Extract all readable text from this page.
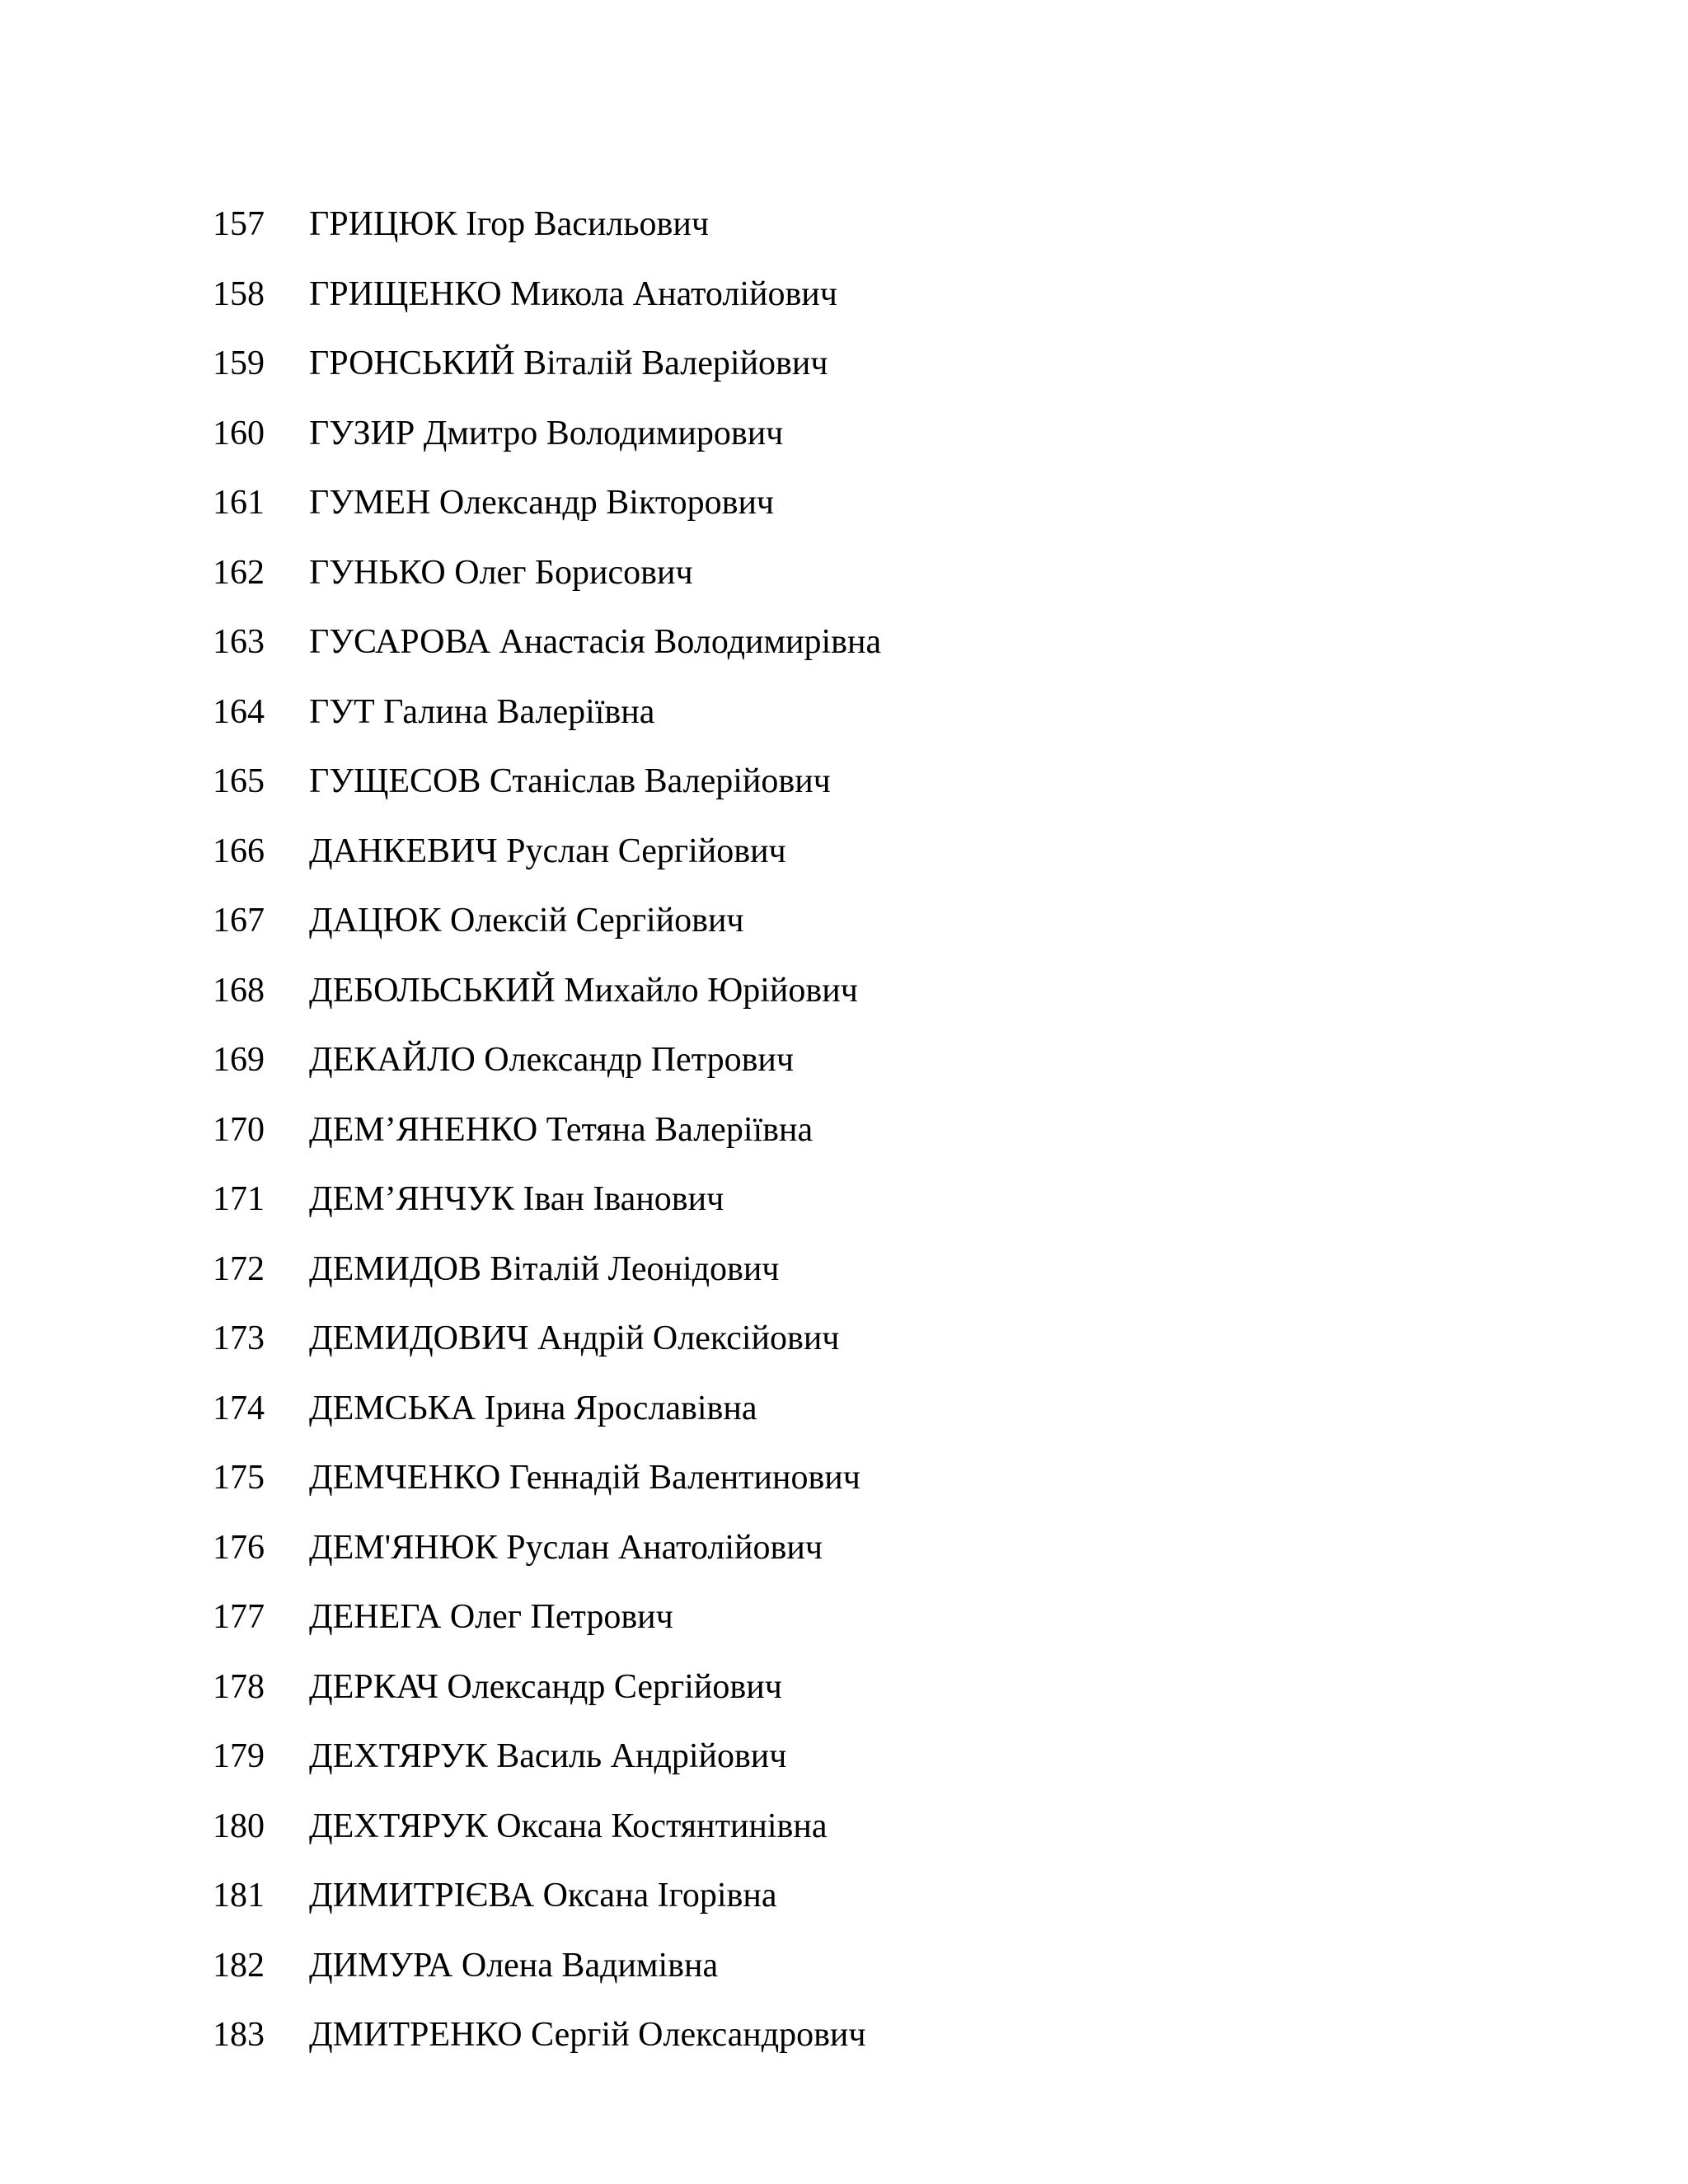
157	ГРИЦЮК Ігор Васильович
158	ГРИЩЕНКО Микола Анатолійович
159	ГРОНСЬКИЙ Віталій Валерійович
160	ГУЗИР Дмитро Володимирович
161	ГУМЕН Олександр Вікторович
162	ГУНЬКО Олег Борисович
163	ГУСАРОВА Анастасія Володимирівна
164	ГУТ Галина Валеріївна
165	ГУЩЕСОВ Станіслав Валерійович
166	ДАНКЕВИЧ Руслан Сергійович
167	ДАЦЮК Олексій Сергійович
168	ДЕБОЛЬСЬКИЙ Михайло Юрійович
169	ДЕКАЙЛО Олександр Петрович
170	ДЕМ’ЯНЕНКО Тетяна Валеріївна
171	ДЕМ’ЯНЧУК Іван Іванович
172	ДЕМИДОВ Віталій Леонідович
173	ДЕМИДОВИЧ Андрій Олексійович
174	ДЕМСЬКА Ірина Ярославівна
175	ДЕМЧЕНКО Геннадій Валентинович
176	ДЕМ'ЯНЮК Руслан Анатолійович
177	ДЕНЕГА Олег Петрович
178	ДЕРКАЧ Олександр Сергійович
179	ДЕХТЯРУК Василь Андрійович
180	ДЕХТЯРУК Оксана Костянтинівна
181	ДИМИТРІЄВА Оксана Ігорівна
182	ДИМУРА Олена Вадимівна
183	ДМИТРЕНКО Сергій Олександрович
